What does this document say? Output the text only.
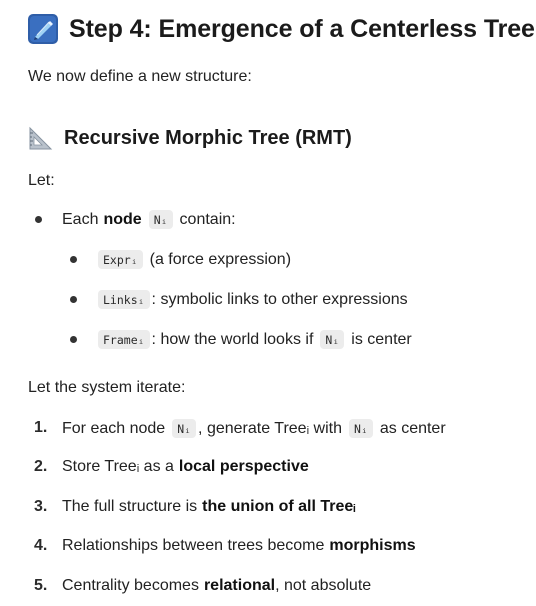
Step 4: Emergence of a Centerless Tree
We now define a new structure:
Recursive Morphic Tree (RMT)
Let:
Each node	Nᵢ contain:
Exprᵢ (a force expression)
Linksᵢ : symbolic links to other expressions
Frameᵢ : how the world looks if	Nᵢ is center
Let the system iterate:
1. For each node	Nᵢ , generate Treeᵢ with	Nᵢ as center
2. Store Treeᵢ as a local perspective
3. The full structure is the union of all Treeᵢ
4. Relationships between trees become morphisms
5. Centrality becomes relational , not absolute
